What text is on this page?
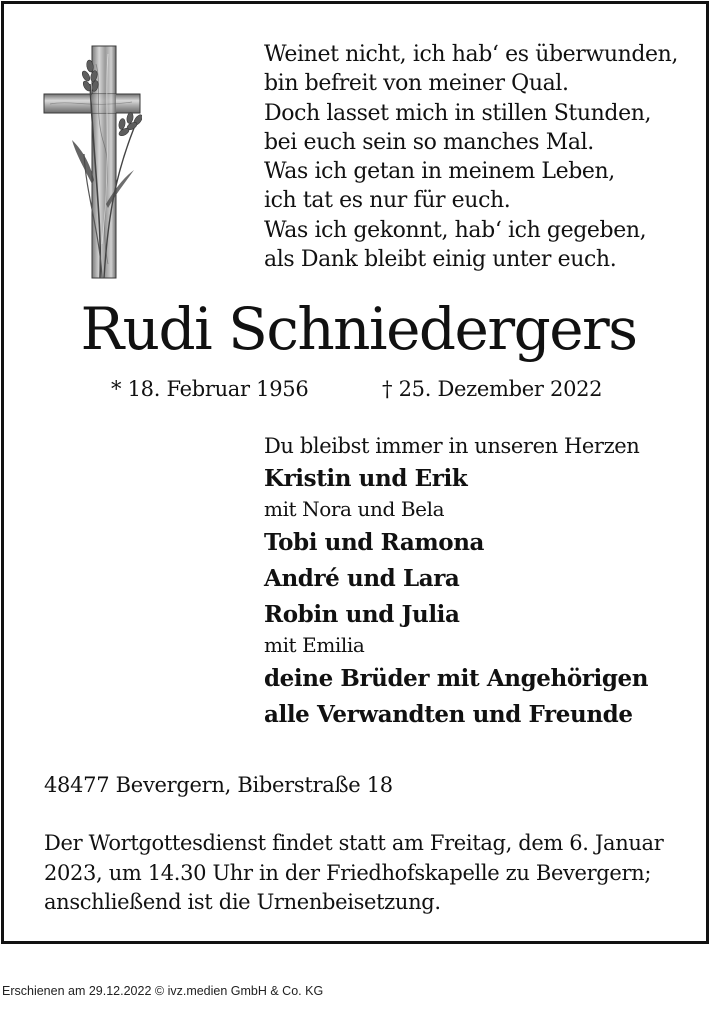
Weinet nicht, ich hab‘ es überwunden,
bin befreit von meiner Qual.
Doch lasset mich in stillen Stunden,
bei euch sein so manches Mal.
Was ich getan in meinem Leben,
ich tat es nur für euch.
Was ich gekonnt, hab‘ ich gegeben,
als Dank bleibt einig unter euch.
Rudi Schniedergers
* 18. Februar 1956	† 25. Dezember 2022
Du bleibst immer in unseren Herzen
Kristin und Erik
mit Nora und Bela
Tobi und Ramona
André und Lara
Robin und Julia
mit Emilia
deine Brüder mit Angehörigen
alle Verwandten und Freunde
48477 Bevergern, Biberstraße 18
Der Wortgottesdienst findet statt am Freitag, dem 6. Januar
2023, um 14.30 Uhr in der Friedhofskapelle zu Bevergern;
anschließend ist die Urnenbeisetzung.
Erschienen am 29.12.2022 © ivz.medien GmbH & Co. KG
